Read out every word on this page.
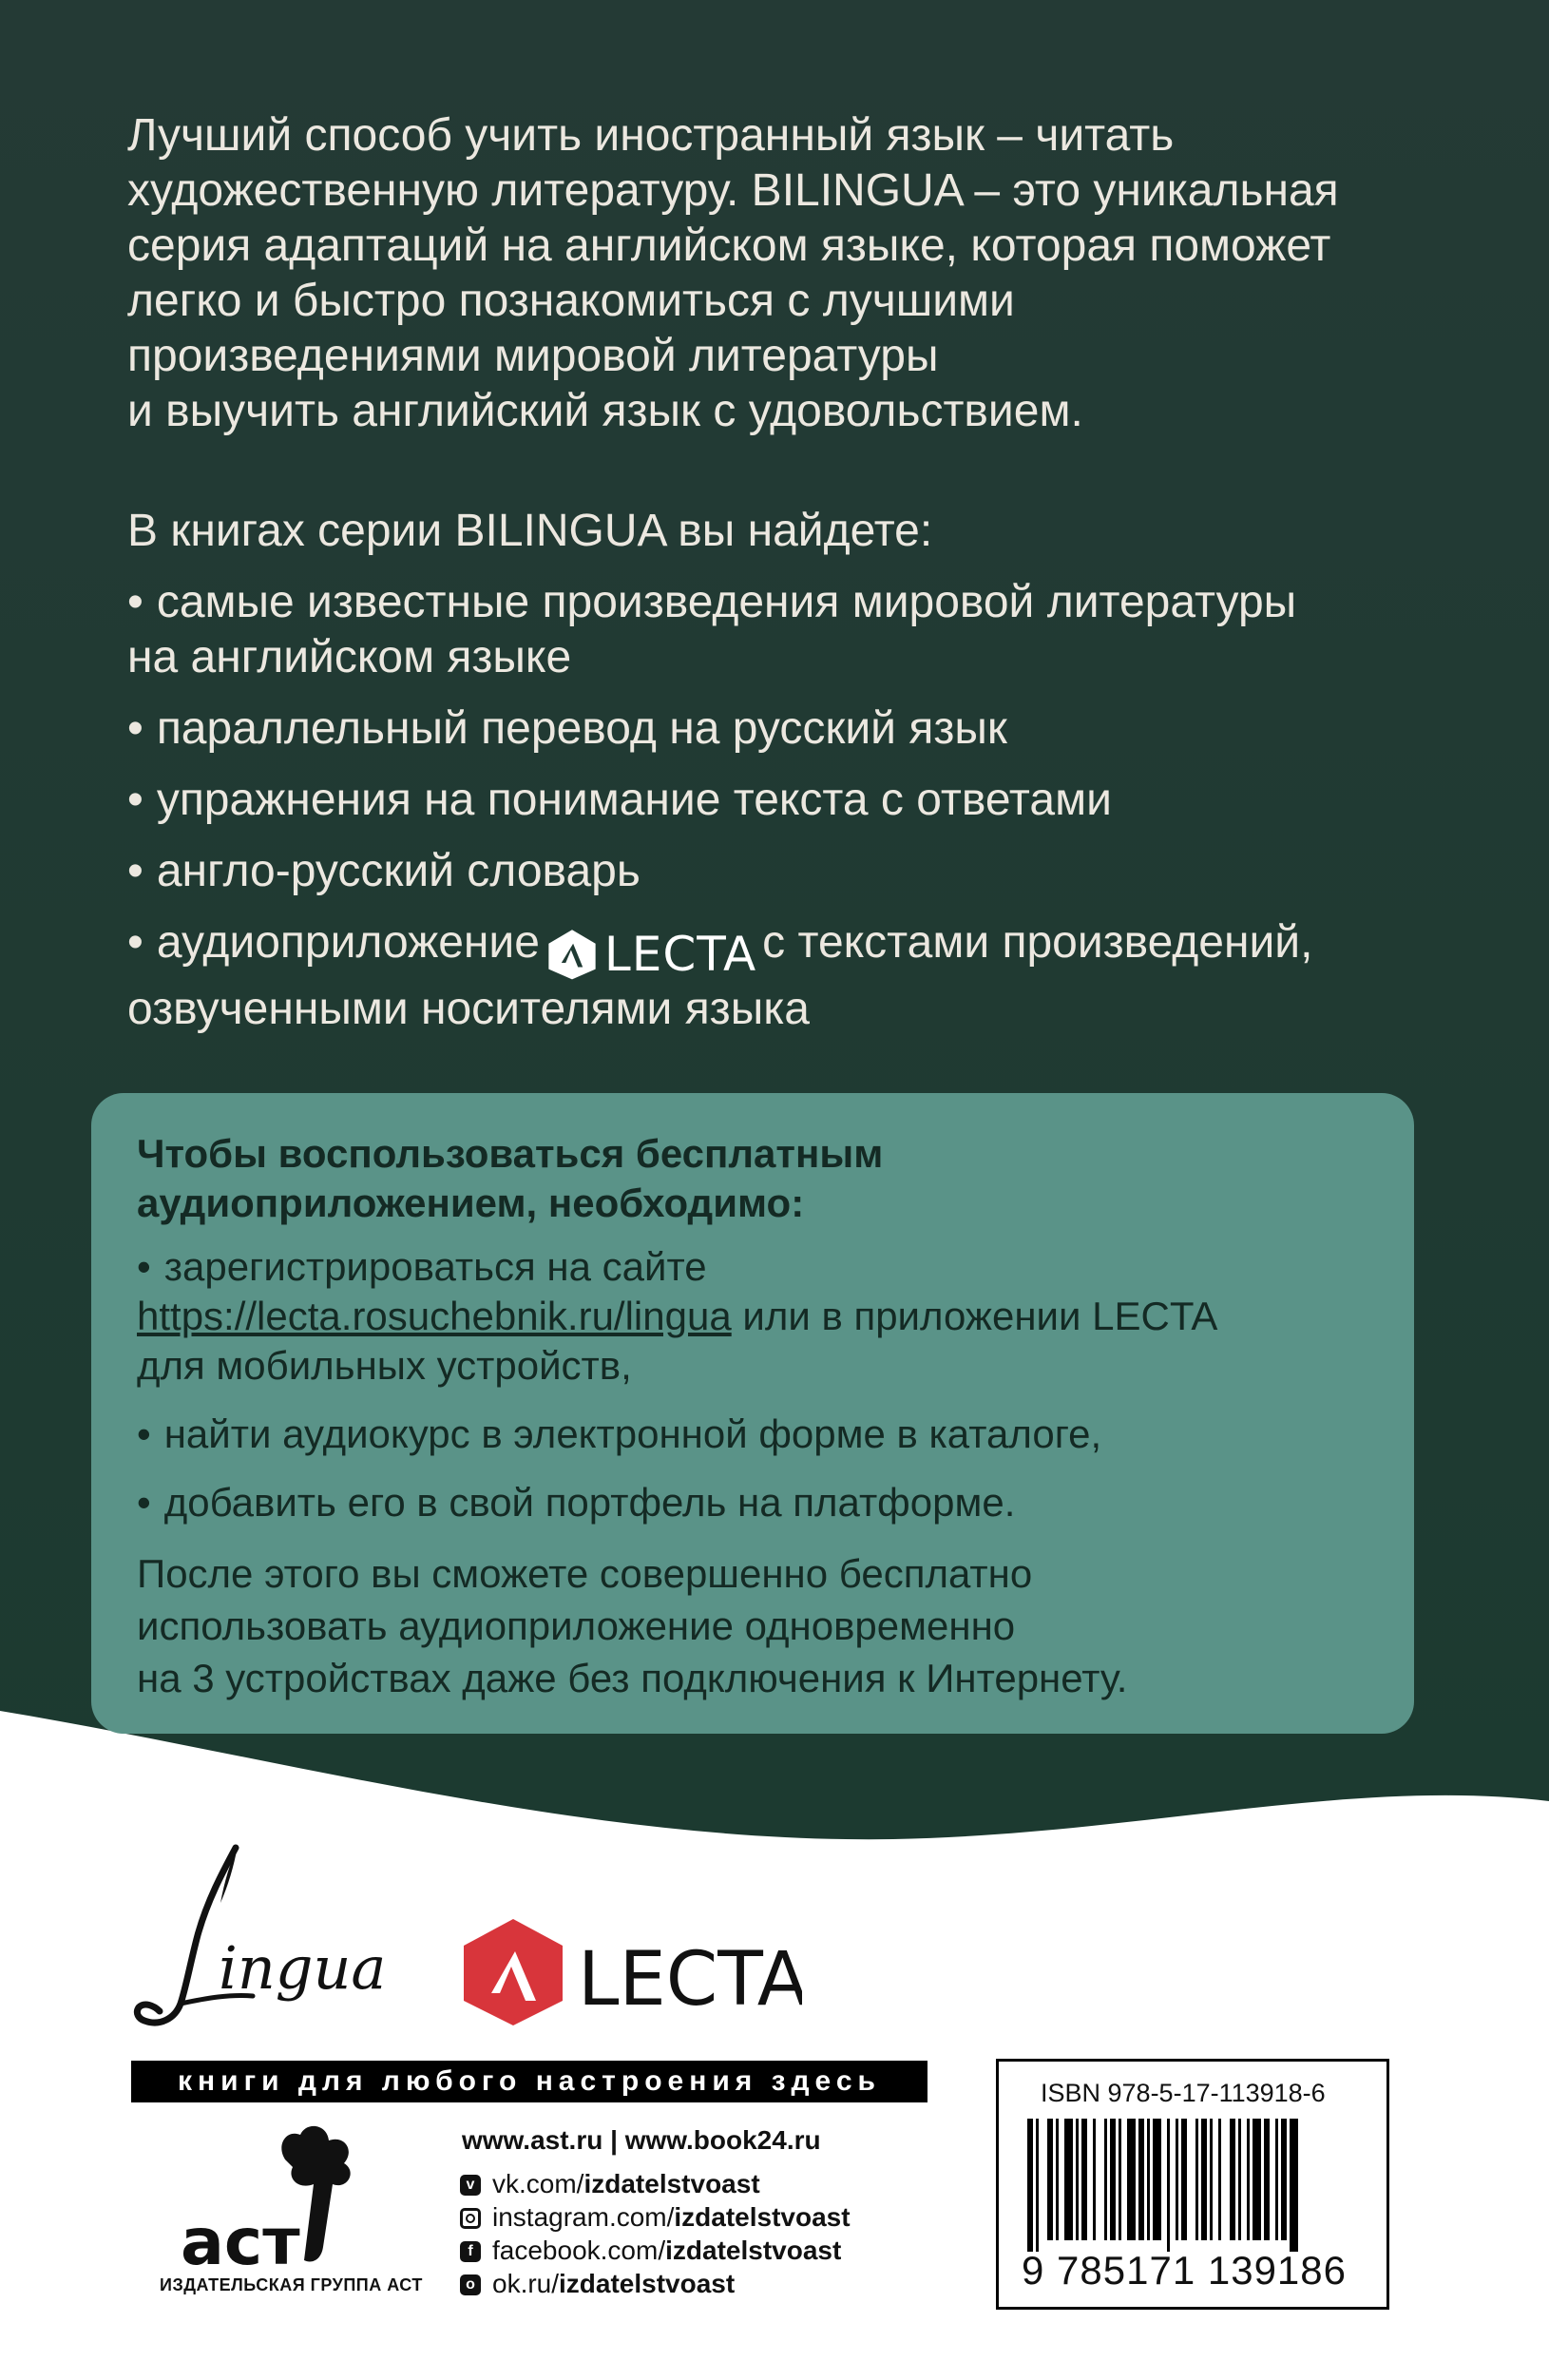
Лучший способ учить иностранный язык – читать
художественную литературу. BILINGUA – это уникальная
серия адаптаций на английском языке, которая поможет
легко и быстро познакомиться с лучшими
произведениями мировой литературы
и выучить английский язык с удовольствием.

В книгах серии BILINGUA вы найдете:
• самые известные произведения мировой литературы
на английском языке
• параллельный перевод на русский язык
• упражнения на понимание текста с ответами
• англо-русский словарь
• аудиоприложение LECTA с текстами произведений,
озвученными носителями языка
Чтобы воспользоваться бесплатным
аудиоприложением, необходимо:
• зарегистрироваться на сайте
https://lecta.rosuchebnik.ru/lingua или в приложении LECTA
для мобильных устройств,
• найти аудиокурс в электронной форме в каталоге,
• добавить его в свой портфель на платформе.
После этого вы сможете совершенно бесплатно
использовать аудиоприложение одновременно
на 3 устройствах даже без подключения к Интернету.
ingua	LECTA
книги для любого настроения здесь
аст
ИЗДАТЕЛЬСКАЯ ГРУППА АСТ
www.ast.ru | www.book24.ru
v vk.com/izdatelstvoast
instagram.com/izdatelstvoast
f facebook.com/izdatelstvoast
o ok.ru/izdatelstvoast
ISBN 978-5-17-113918-6
9 785171 139186
